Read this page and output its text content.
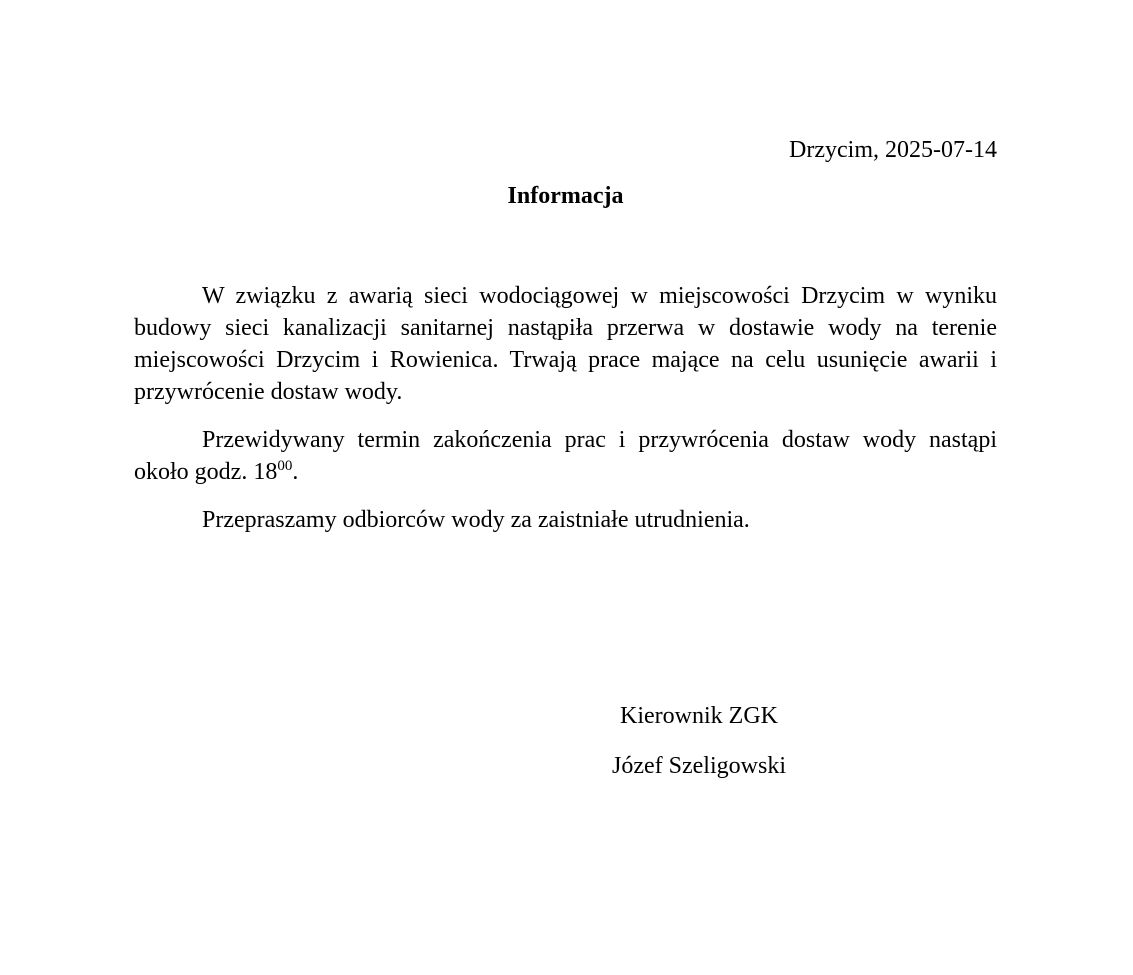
Drzycim, 2025-07-14

Informacja

W związku z awarią sieci wodociągowej w miejscowości Drzycim w wyniku budowy sieci kanalizacji sanitarnej nastąpiła przerwa w dostawie wody na terenie miejscowości Drzycim i Rowienica. Trwają prace mające na celu usunięcie awarii i przywrócenie dostaw wody.

Przewidywany termin zakończenia prac i przywrócenia dostaw wody nastąpi około godz. $18^{00}$.

Przepraszamy odbiorców wody za zaistniałe utrudnienia.

Kierownik ZGK

Józef Szeligowski
